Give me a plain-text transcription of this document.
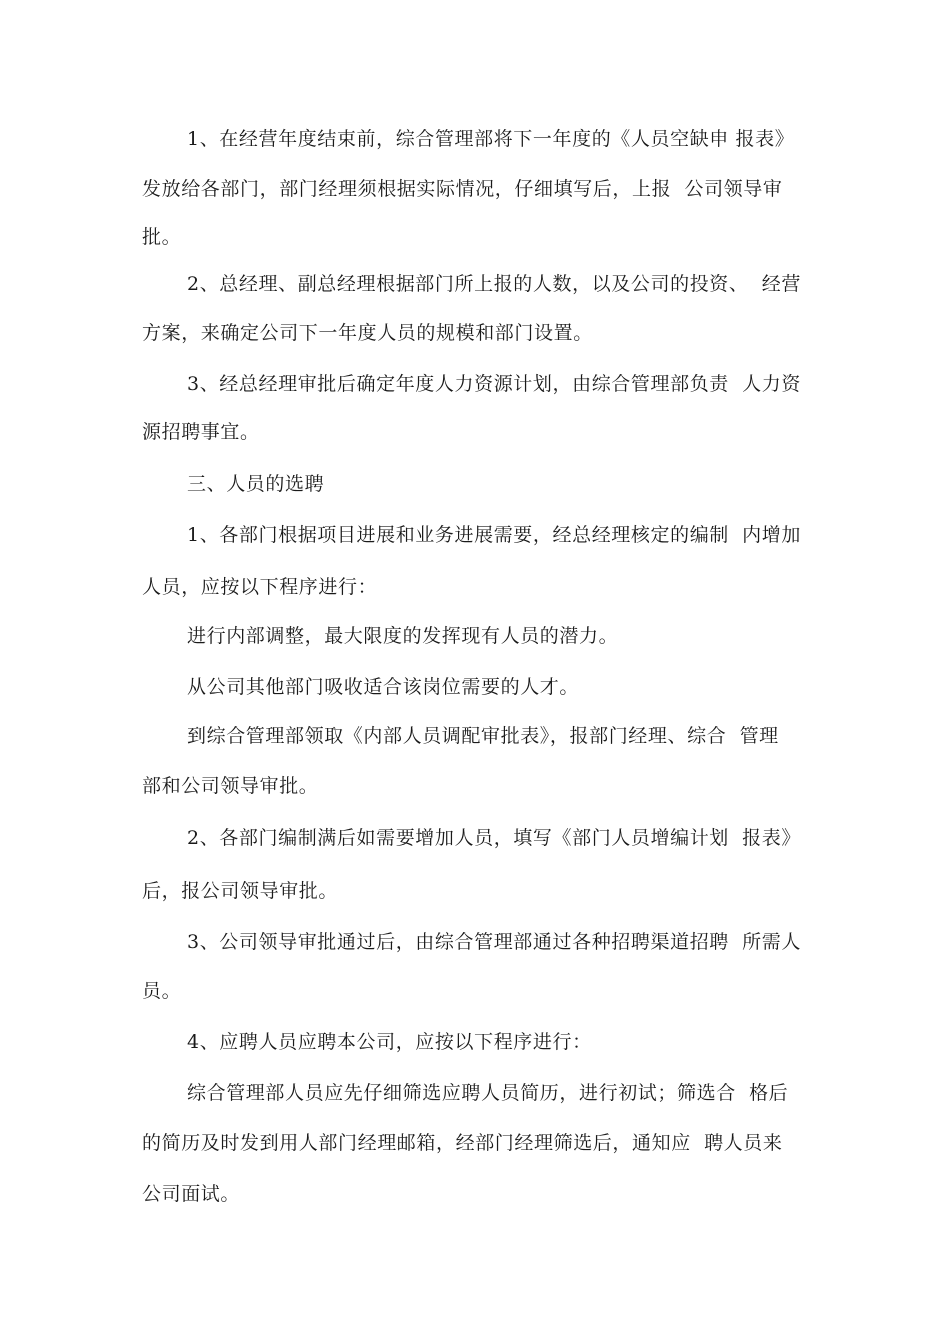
1、在经营年度结束前，综合管理部将下一年度的《人员空缺申 报表》
发放给各部门，部门经理须根据实际情况，仔细填写后，上报  公司领导审
批。
2、总经理、副总经理根据部门所上报的人数，以及公司的投资、  经营
方案，来确定公司下一年度人员的规模和部门设置。
3、经总经理审批后确定年度人力资源计划，由综合管理部负责  人力资
源招聘事宜。
三、人员的选聘
1、各部门根据项目进展和业务进展需要，经总经理核定的编制  内增加
人员，应按以下程序进行：
进行内部调整，最大限度的发挥现有人员的潜力。
从公司其他部门吸收适合该岗位需要的人才。
到综合管理部领取《内部人员调配审批表》，报部门经理、综合  管理
部和公司领导审批。
2、各部门编制满后如需要增加人员，填写《部门人员增编计划  报表》
后，报公司领导审批。
3、公司领导审批通过后，由综合管理部通过各种招聘渠道招聘  所需人
员。
4、应聘人员应聘本公司，应按以下程序进行：
综合管理部人员应先仔细筛选应聘人员简历，进行初试；筛选合  格后
的简历及时发到用人部门经理邮箱，经部门经理筛选后，通知应  聘人员来
公司面试。
